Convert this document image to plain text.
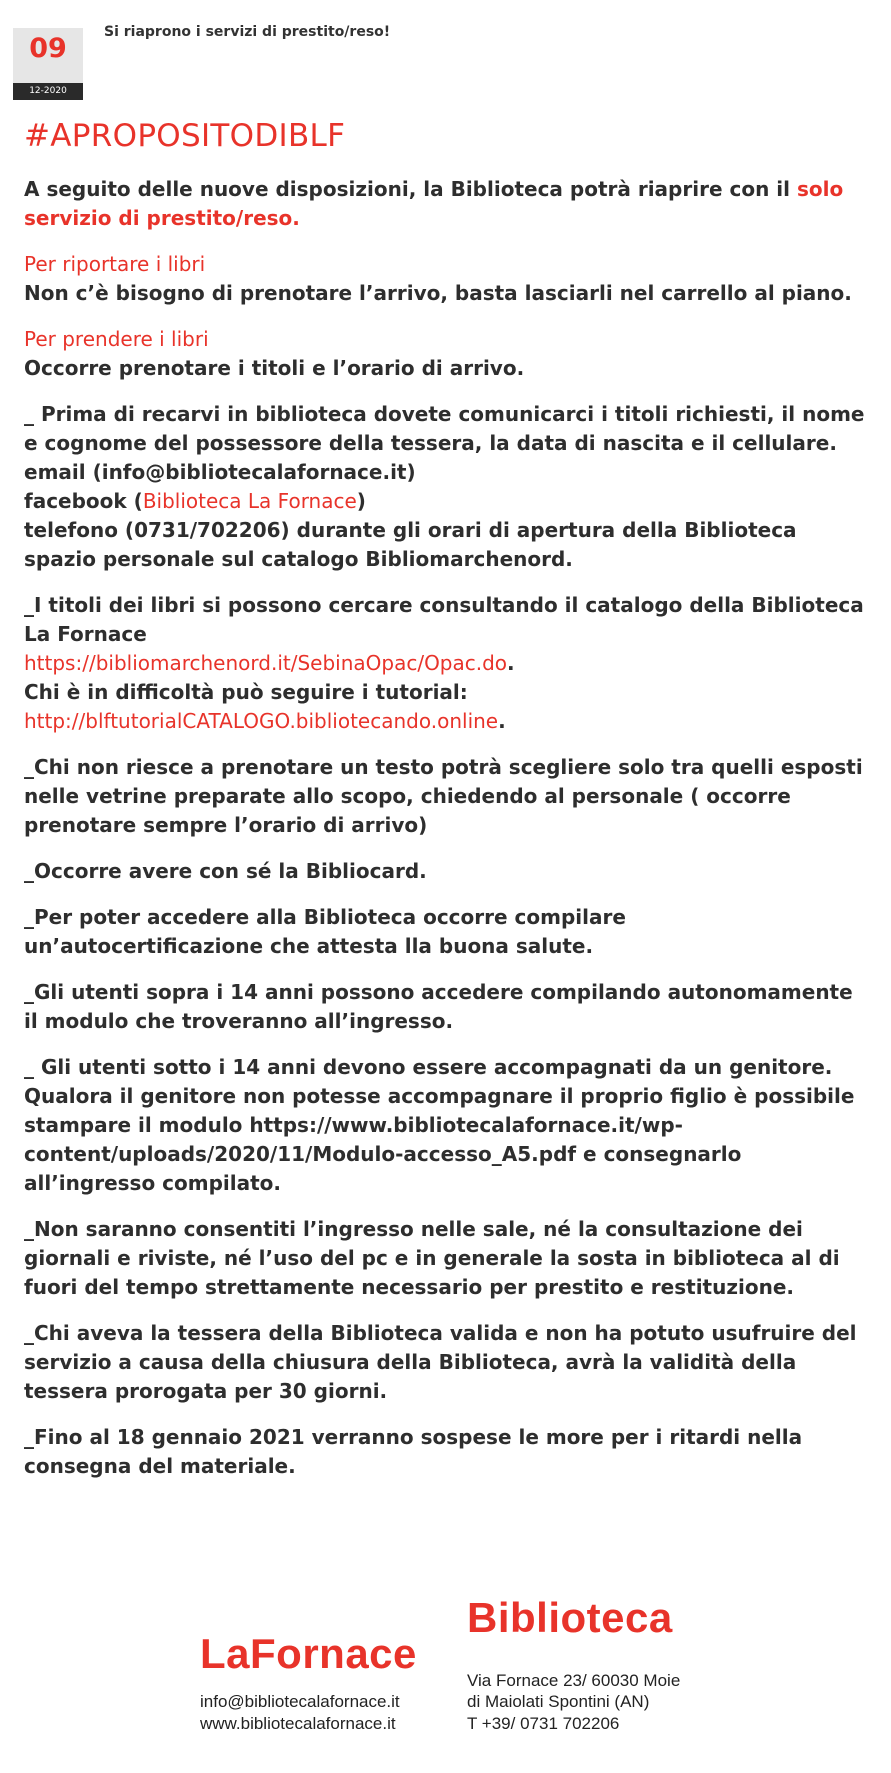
09
12-2020
Si riaprono i servizi di prestito/reso!
#APROPOSITODIBLF

A seguito delle nuove disposizioni, la Biblioteca potrà riaprire con il solo servizio di prestito/reso.

Per riportare i libri

Non c’è bisogno di prenotare l’arrivo, basta lasciarli nel carrello al piano.

Per prendere i libri

Occorre prenotare i titoli e l’orario di arrivo.

_ Prima di recarvi in biblioteca dovete comunicarci i titoli richiesti, il nome e cognome del possessore della tessera, la data di nascita e il cellulare.

email (info@bibliotecalafornace.it)

facebook (Biblioteca La Fornace)

telefono (0731/702206) durante gli orari di apertura della Biblioteca

spazio personale sul catalogo Bibliomarchenord.

_I titoli dei libri si possono cercare consultando il catalogo della Biblioteca La Fornace

https://bibliomarchenord.it/SebinaOpac/Opac.do.

Chi è in difficoltà può seguire i tutorial:

http://blftutorialCATALOGO.bibliotecando.online.

_Chi non riesce a prenotare un testo potrà scegliere solo tra quelli esposti nelle vetrine preparate allo scopo, chiedendo al personale ( occorre prenotare sempre l’orario di arrivo)

_Occorre avere con sé la Bibliocard.

_Per poter accedere alla Biblioteca occorre compilare un’autocertificazione che attesta lla buona salute.

_Gli utenti sopra i 14 anni possono accedere compilando autonomamente il modulo che troveranno all’ingresso.

_ Gli utenti sotto i 14 anni devono essere accompagnati da un genitore. Qualora il genitore non potesse accompagnare il proprio figlio è possibile stampare il modulo https://www.bibliotecalafornace.it/wp-content/uploads/2020/11/Modulo-accesso_A5.pdf e consegnarlo all’ingresso compilato.

_Non saranno consentiti l’ingresso nelle sale, né la consultazione dei giornali e riviste, né l’uso del pc e in generale la sosta in biblioteca al di fuori del tempo strettamente necessario per prestito e restituzione.

_Chi aveva la tessera della Biblioteca valida e non ha potuto usufruire del servizio a causa della chiusura della Biblioteca, avrà la validità della tessera prorogata per 30 giorni.

_Fino al 18 gennaio 2021 verranno sospese le more per i ritardi nella consegna del materiale.

Biblioteca
LaFornace
info@bibliotecalafornace.it
www.bibliotecalafornace.it
Via Fornace 23/ 60030 Moie
di Maiolati Spontini (AN)
T +39/ 0731 702206
